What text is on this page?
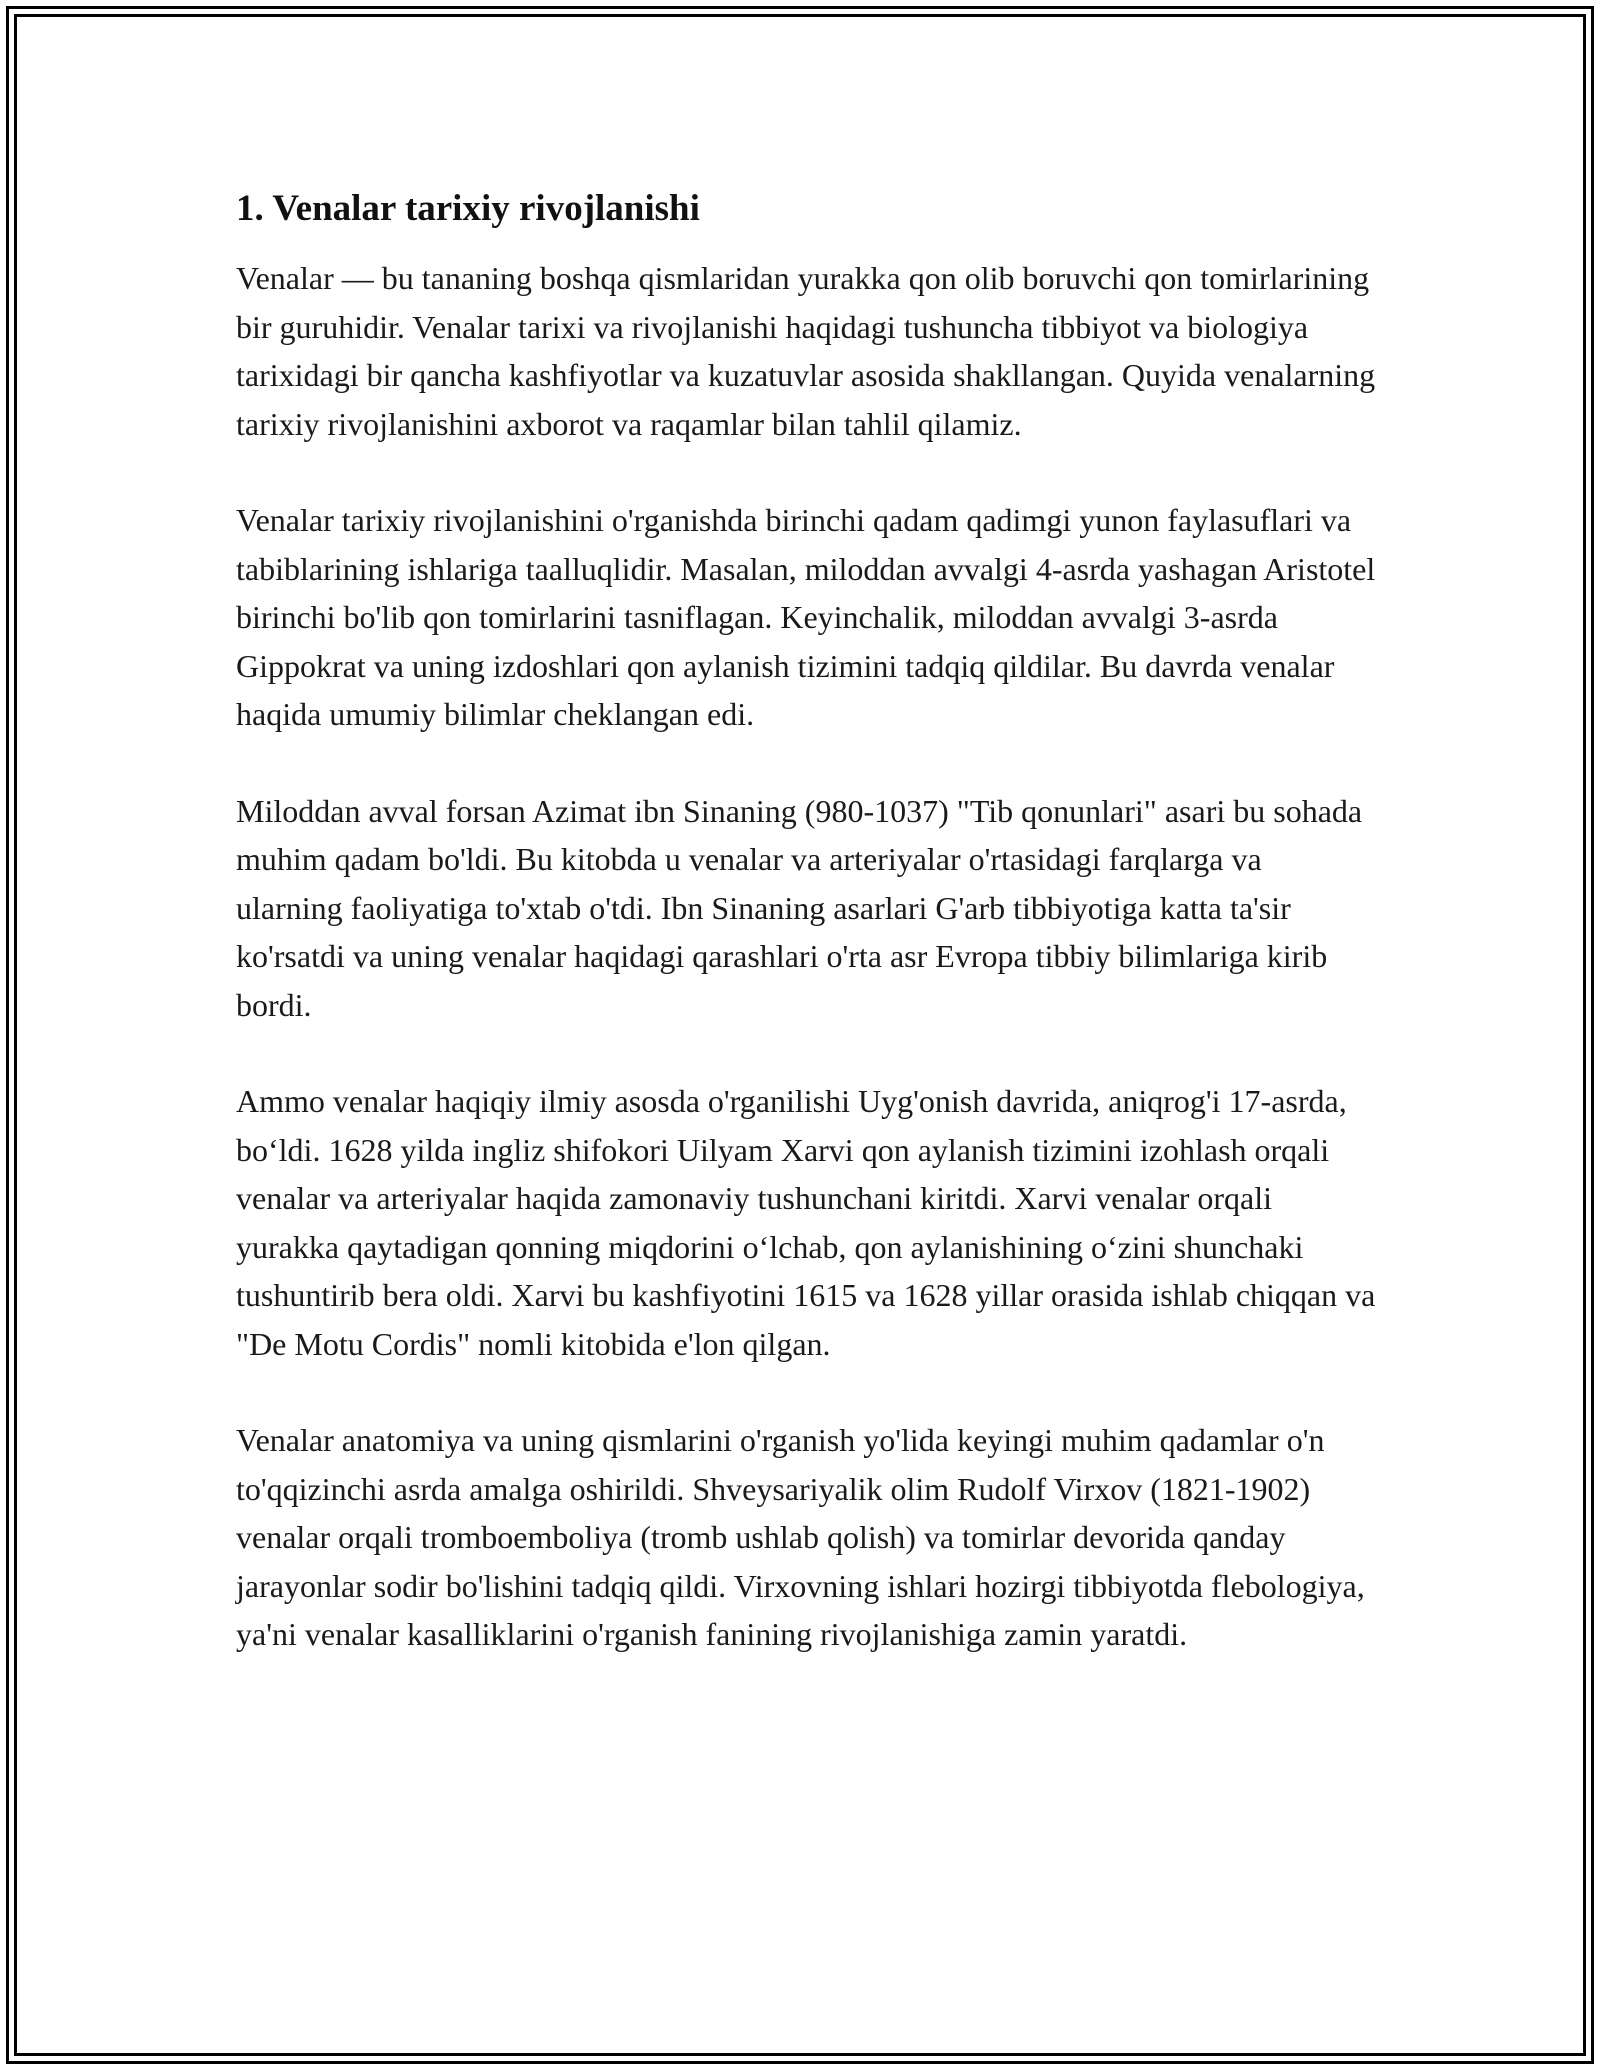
1. Venalar tarixiy rivojlanishi

Venalar — bu tananing boshqa qismlaridan yurakka qon olib boruvchi qon tomirlarining bir guruhidir. Venalar tarixi va rivojlanishi haqidagi tushuncha tibbiyot va biologiya tarixidagi bir qancha kashfiyotlar va kuzatuvlar asosida shakllangan. Quyida venalarning tarixiy rivojlanishini axborot va raqamlar bilan tahlil qilamiz.

Venalar tarixiy rivojlanishini o'rganishda birinchi qadam qadimgi yunon faylasuflari va tabiblarining ishlariga taalluqlidir. Masalan, miloddan avvalgi 4-asrda yashagan Aristotel birinchi bo'lib qon tomirlarini tasniflagan. Keyinchalik, miloddan avvalgi 3-asrda Gippokrat va uning izdoshlari qon aylanish tizimini tadqiq qildilar. Bu davrda venalar haqida umumiy bilimlar cheklangan edi.

Miloddan avval forsan Azimat ibn Sinaning (980-1037) "Tib qonunlari" asari bu sohada muhim qadam bo'ldi. Bu kitobda u venalar va arteriyalar o'rtasidagi farqlarga va ularning faoliyatiga to'xtab o'tdi. Ibn Sinaning asarlari G'arb tibbiyotiga katta ta'sir ko'rsatdi va uning venalar haqidagi qarashlari o'rta asr Evropa tibbiy bilimlariga kirib bordi.

Ammo venalar haqiqiy ilmiy asosda o'rganilishi Uyg'onish davrida, aniqrog'i 17-asrda, bo‘ldi. 1628 yilda ingliz shifokori Uilyam Xarvi qon aylanish tizimini izohlash orqali venalar va arteriyalar haqida zamonaviy tushunchani kiritdi. Xarvi venalar orqali yurakka qaytadigan qonning miqdorini o‘lchab, qon aylanishining o‘zini shunchaki tushuntirib bera oldi. Xarvi bu kashfiyotini 1615 va 1628 yillar orasida ishlab chiqqan va "De Motu Cordis" nomli kitobida e'lon qilgan.

Venalar anatomiya va uning qismlarini o'rganish yo'lida keyingi muhim qadamlar o'n to'qqizinchi asrda amalga oshirildi. Shveysariyalik olim Rudolf Virxov (1821-1902) venalar orqali tromboemboliya (tromb ushlab qolish) va tomirlar devorida qanday jarayonlar sodir bo'lishini tadqiq qildi. Virxovning ishlari hozirgi tibbiyotda flebologiya, ya'ni venalar kasalliklarini o'rganish fanining rivojlanishiga zamin yaratdi.
